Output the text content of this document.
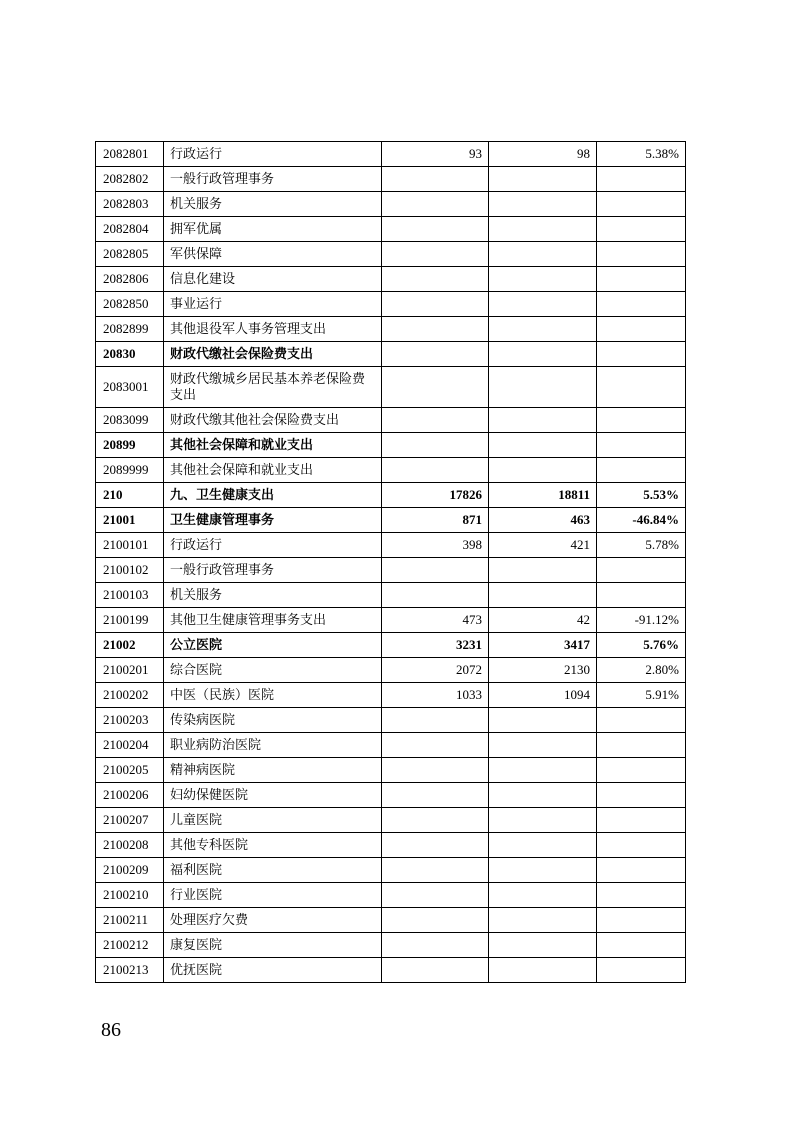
2082801	行政运行	93	98	5.38%
2082802	一般行政管理事务			
2082803	机关服务			
2082804	拥军优属			
2082805	军供保障			
2082806	信息化建设			
2082850	事业运行			
2082899	其他退役军人事务管理支出			
20830	财政代缴社会保险费支出			
2083001	财政代缴城乡居民基本养老保险费支出			
2083099	财政代缴其他社会保险费支出			
20899	其他社会保障和就业支出			
2089999	其他社会保障和就业支出			
210	九、卫生健康支出	17826	18811	5.53%
21001	卫生健康管理事务	871	463	-46.84%
2100101	行政运行	398	421	5.78%
2100102	一般行政管理事务			
2100103	机关服务			
2100199	其他卫生健康管理事务支出	473	42	-91.12%
21002	公立医院	3231	3417	5.76%
2100201	综合医院	2072	2130	2.80%
2100202	中医（民族）医院	1033	1094	5.91%
2100203	传染病医院			
2100204	职业病防治医院			
2100205	精神病医院			
2100206	妇幼保健医院			
2100207	儿童医院			
2100208	其他专科医院			
2100209	福利医院			
2100210	行业医院			
2100211	处理医疗欠费			
2100212	康复医院			
2100213	优抚医院			
86
